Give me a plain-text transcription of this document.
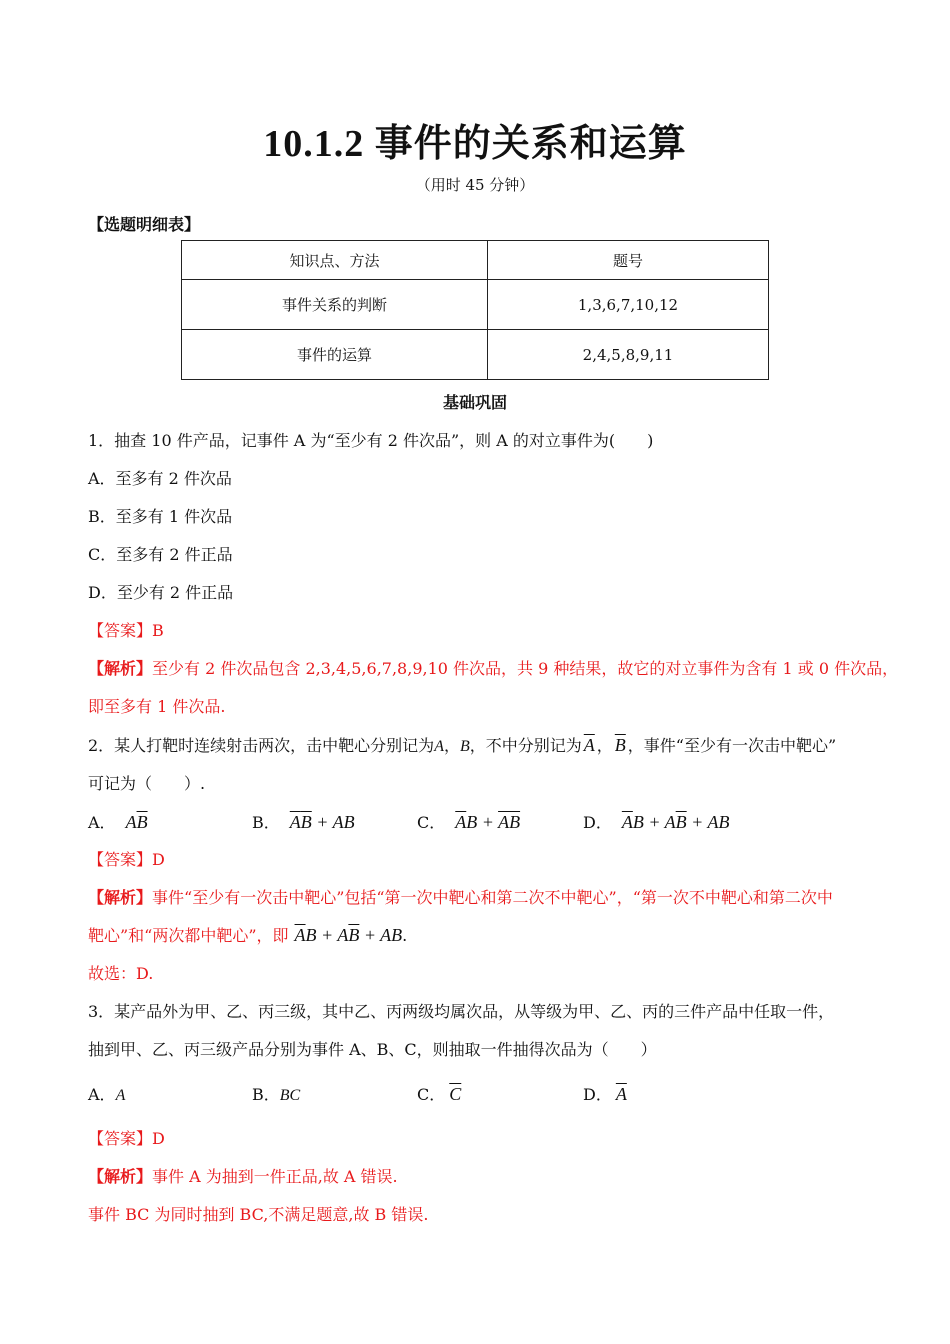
10.1.2 事件的关系和运算
（用时 45 分钟）
【选题明细表】
知识点、方法	题号
事件关系的判断	1,3,6,7,10,12
事件的运算	2,4,5,8,9,11
基础巩固
1．抽查 10 件产品，记事件 A 为“至少有 2 件次品”，则 A 的对立事件为(　　)
A．至多有 2 件次品
B．至多有 1 件次品
C．至多有 2 件正品
D．至少有 2 件正品
【答案】B
【解析】至少有 2 件次品包含 2,3,4,5,6,7,8,9,10 件次品，共 9 种结果，故它的对立事件为含有 1 或 0 件次品，
即至多有 1 件次品.
2．某人打靶时连续射击两次，击中靶心分别记为A，B，不中分别记为 $\overline{A}$ ， $\overline{B}$ ，事件“至少有一次击中靶心”
可记为（　　）.
A． $A\overline{B}$	B． $\overline{A}\overline{B}$ + AB	C． $\overline{A}B + \overline{AB}$	D． $\overline{A}B + A\overline{B}$ + AB
【答案】D
【解析】事件“至少有一次击中靶心”包括“第一次中靶心和第二次不中靶心”，“第一次不中靶心和第二次中
靶心”和“两次都中靶心”，即 $\overline{A}B + A\overline{B}$ + AB.
故选：D.
3．某产品外为甲、乙、丙三级，其中乙、丙两级均属次品，从等级为甲、乙、丙的三件产品中任取一件，
抽到甲、乙、丙三级产品分别为事件 A、B、C，则抽取一件抽得次品为（　　）
A．A	B．BC	C． $\overline{C}$	D． $\overline{A}$
【答案】D
【解析】事件 A 为抽到一件正品,故 A 错误.
事件 BC 为同时抽到 BC,不满足题意,故 B 错误.
